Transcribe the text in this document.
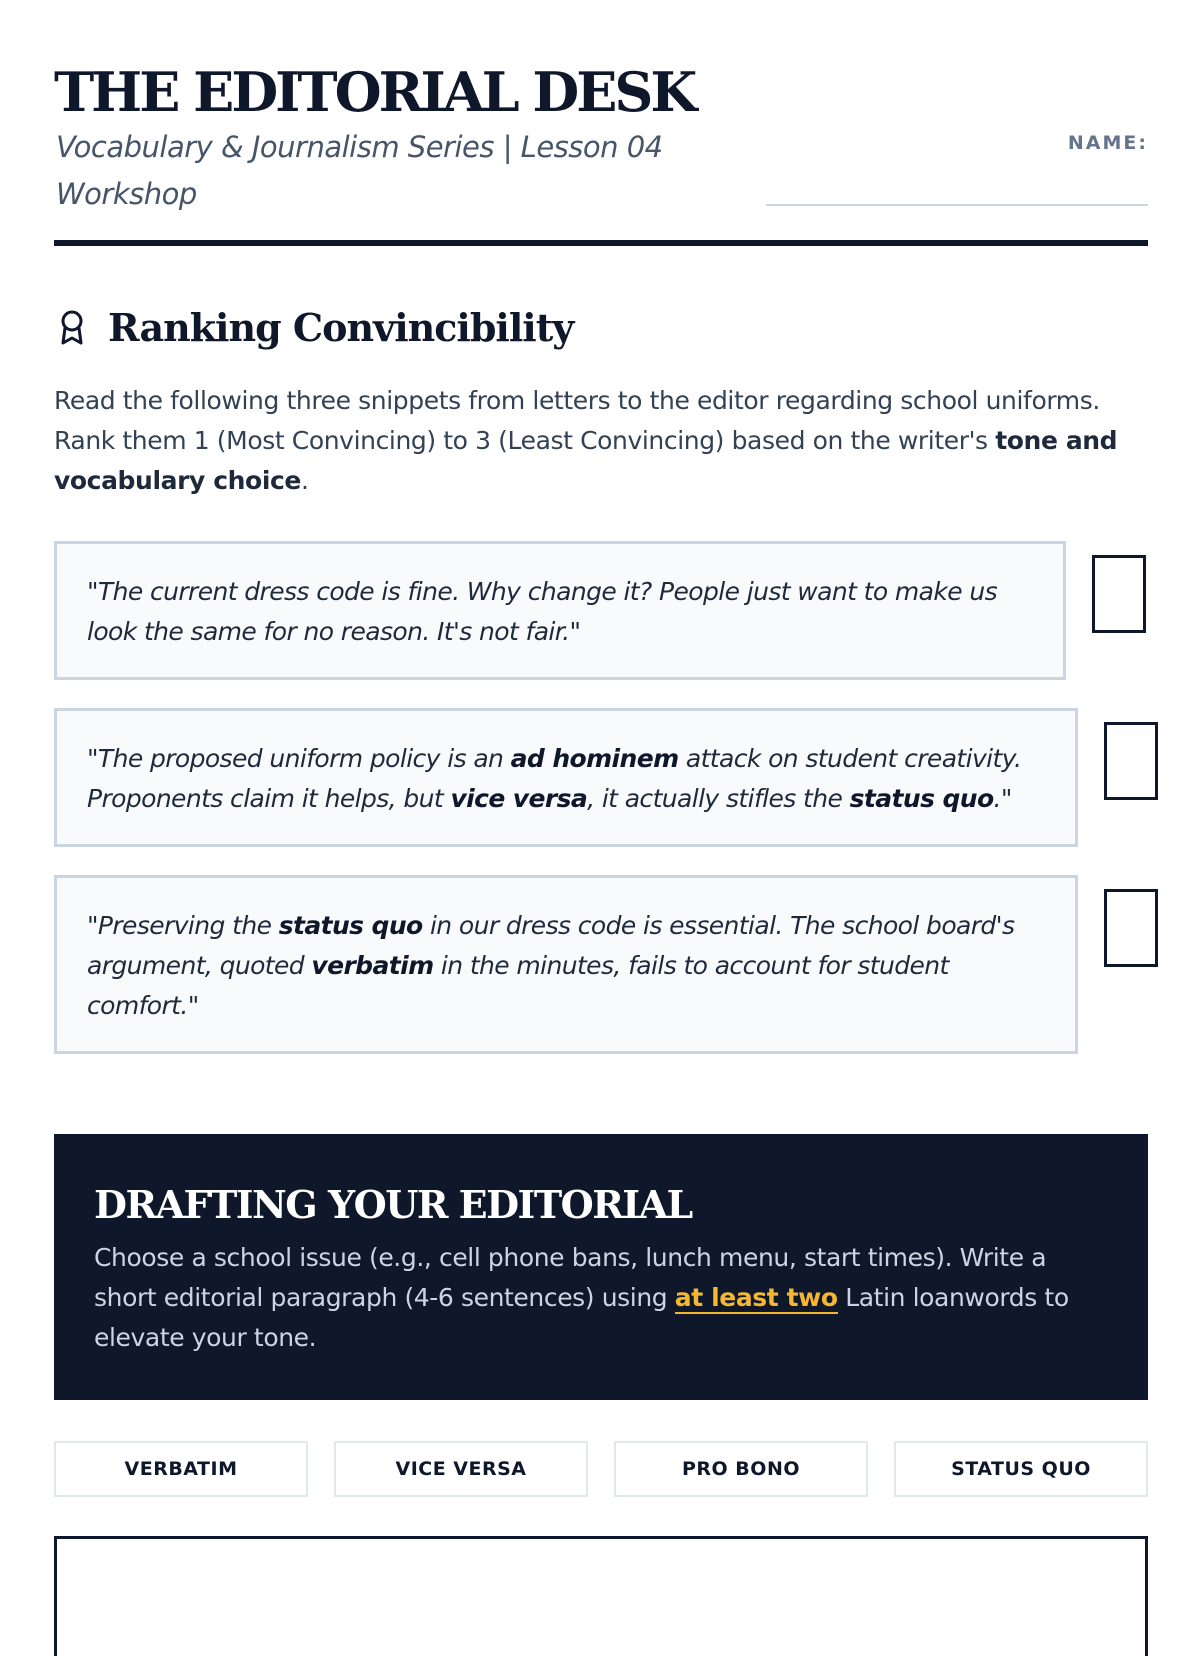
THE EDITORIAL DESK

Vocabulary & Journalism Series | Lesson 04 Workshop

NAME:
Ranking Convincibility

Read the following three snippets from letters to the editor regarding school uniforms. Rank them 1 (Most Convincing) to 3 (Least Convincing) based on the writer's tone and vocabulary choice.

"The current dress code is fine. Why change it? People just want to make us look the same for no reason. It's not fair."

"The proposed uniform policy is an ad hominem attack on student creativity. Proponents claim it helps, but vice versa, it actually stifles the status quo."

"Preserving the status quo in our dress code is essential. The school board's argument, quoted verbatim in the minutes, fails to account for student comfort."

DRAFTING YOUR EDITORIAL

Choose a school issue (e.g., cell phone bans, lunch menu, start times). Write a short editorial paragraph (4-6 sentences) using at least two Latin loanwords to elevate your tone.

VERBATIM	VICE VERSA	PRO BONO	STATUS QUO
